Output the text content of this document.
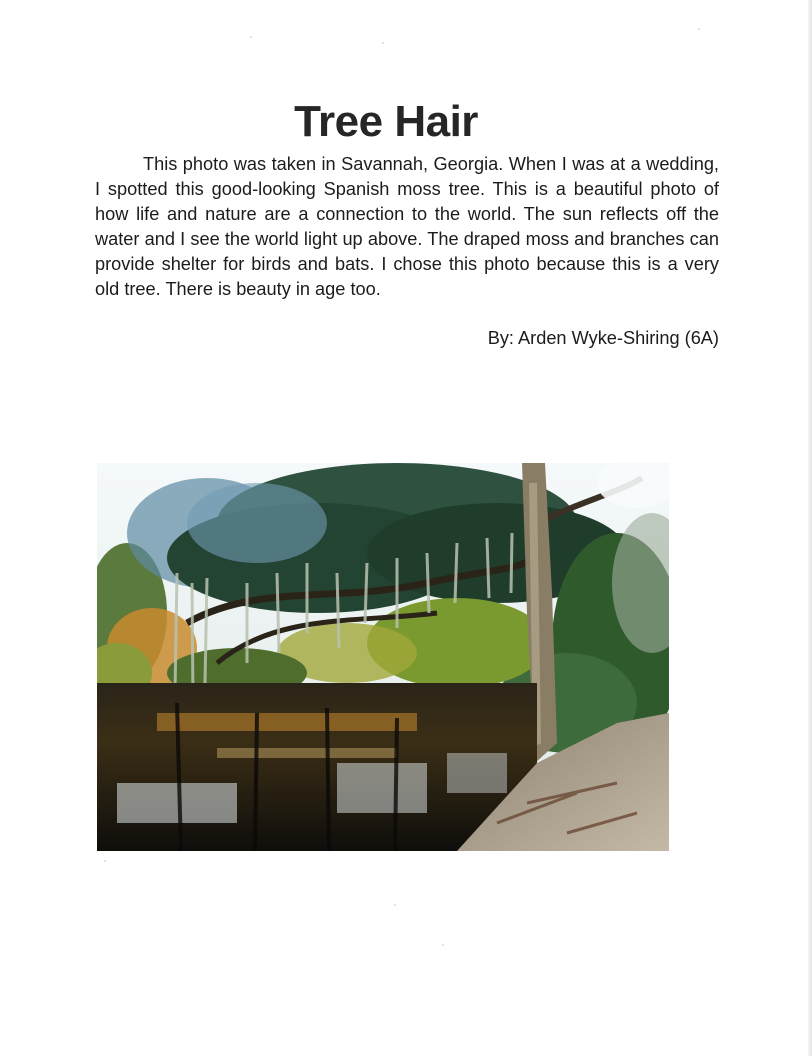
Tree Hair

This photo was taken in Savannah, Georgia. When I was at a wedding, I spotted this good-looking Spanish moss tree. This is a beautiful photo of how life and nature are a connection to the world. The sun reflects off the water and I see the world light up above. The draped moss and branches can provide shelter for birds and bats. I chose this photo because this is a very old tree. There is beauty in age too.

By: Arden Wyke-Shiring (6A)
